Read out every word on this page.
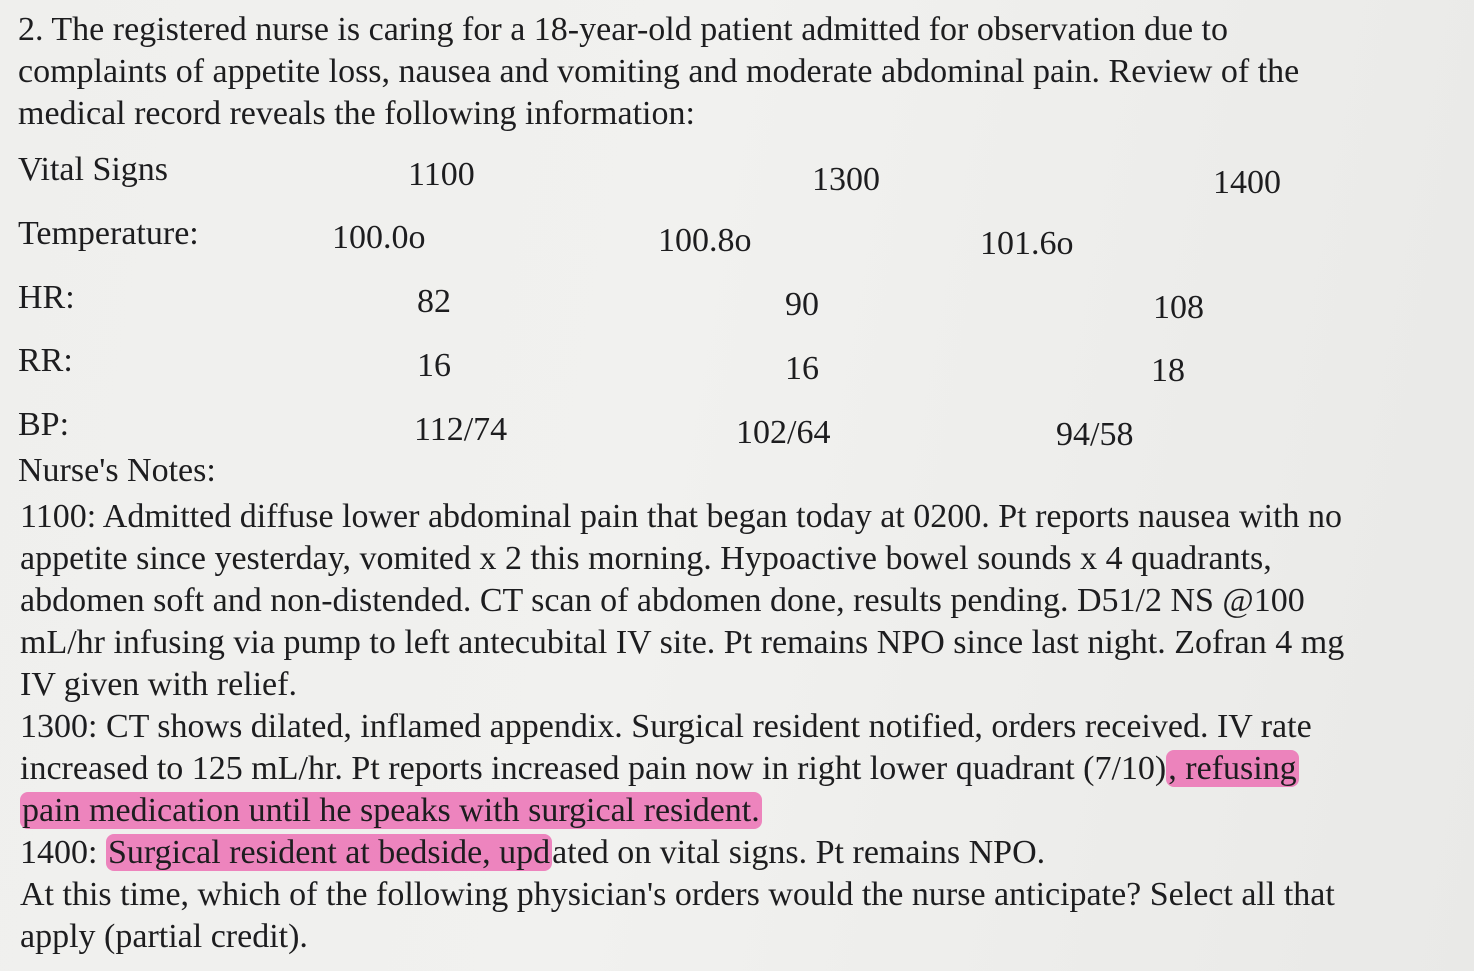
2. The registered nurse is caring for a 18-year-old patient admitted for observation due to
complaints of appetite loss, nausea and vomiting and moderate abdominal pain. Review of the
medical record reveals the following information:
Vital Signs	1100	1300	1400
Temperature:	100.0o	100.8o	101.6o
HR:	82	90	108
RR:	16	16	18
BP:	112/74	102/64	94/58
Nurse's Notes:
1100: Admitted diffuse lower abdominal pain that began today at 0200. Pt reports nausea with no
appetite since yesterday, vomited x 2 this morning. Hypoactive bowel sounds x 4 quadrants,
abdomen soft and non-distended. CT scan of abdomen done, results pending. D51/2 NS @100
mL/hr infusing via pump to left antecubital IV site. Pt remains NPO since last night. Zofran 4 mg
IV given with relief.
1300: CT shows dilated, inflamed appendix. Surgical resident notified, orders received. IV rate
increased to 125 mL/hr. Pt reports increased pain now in right lower quadrant (7/10), refusing
pain medication until he speaks with surgical resident.
1400: Surgical resident at bedside, updated on vital signs. Pt remains NPO.
At this time, which of the following physician's orders would the nurse anticipate? Select all that
apply (partial credit).
